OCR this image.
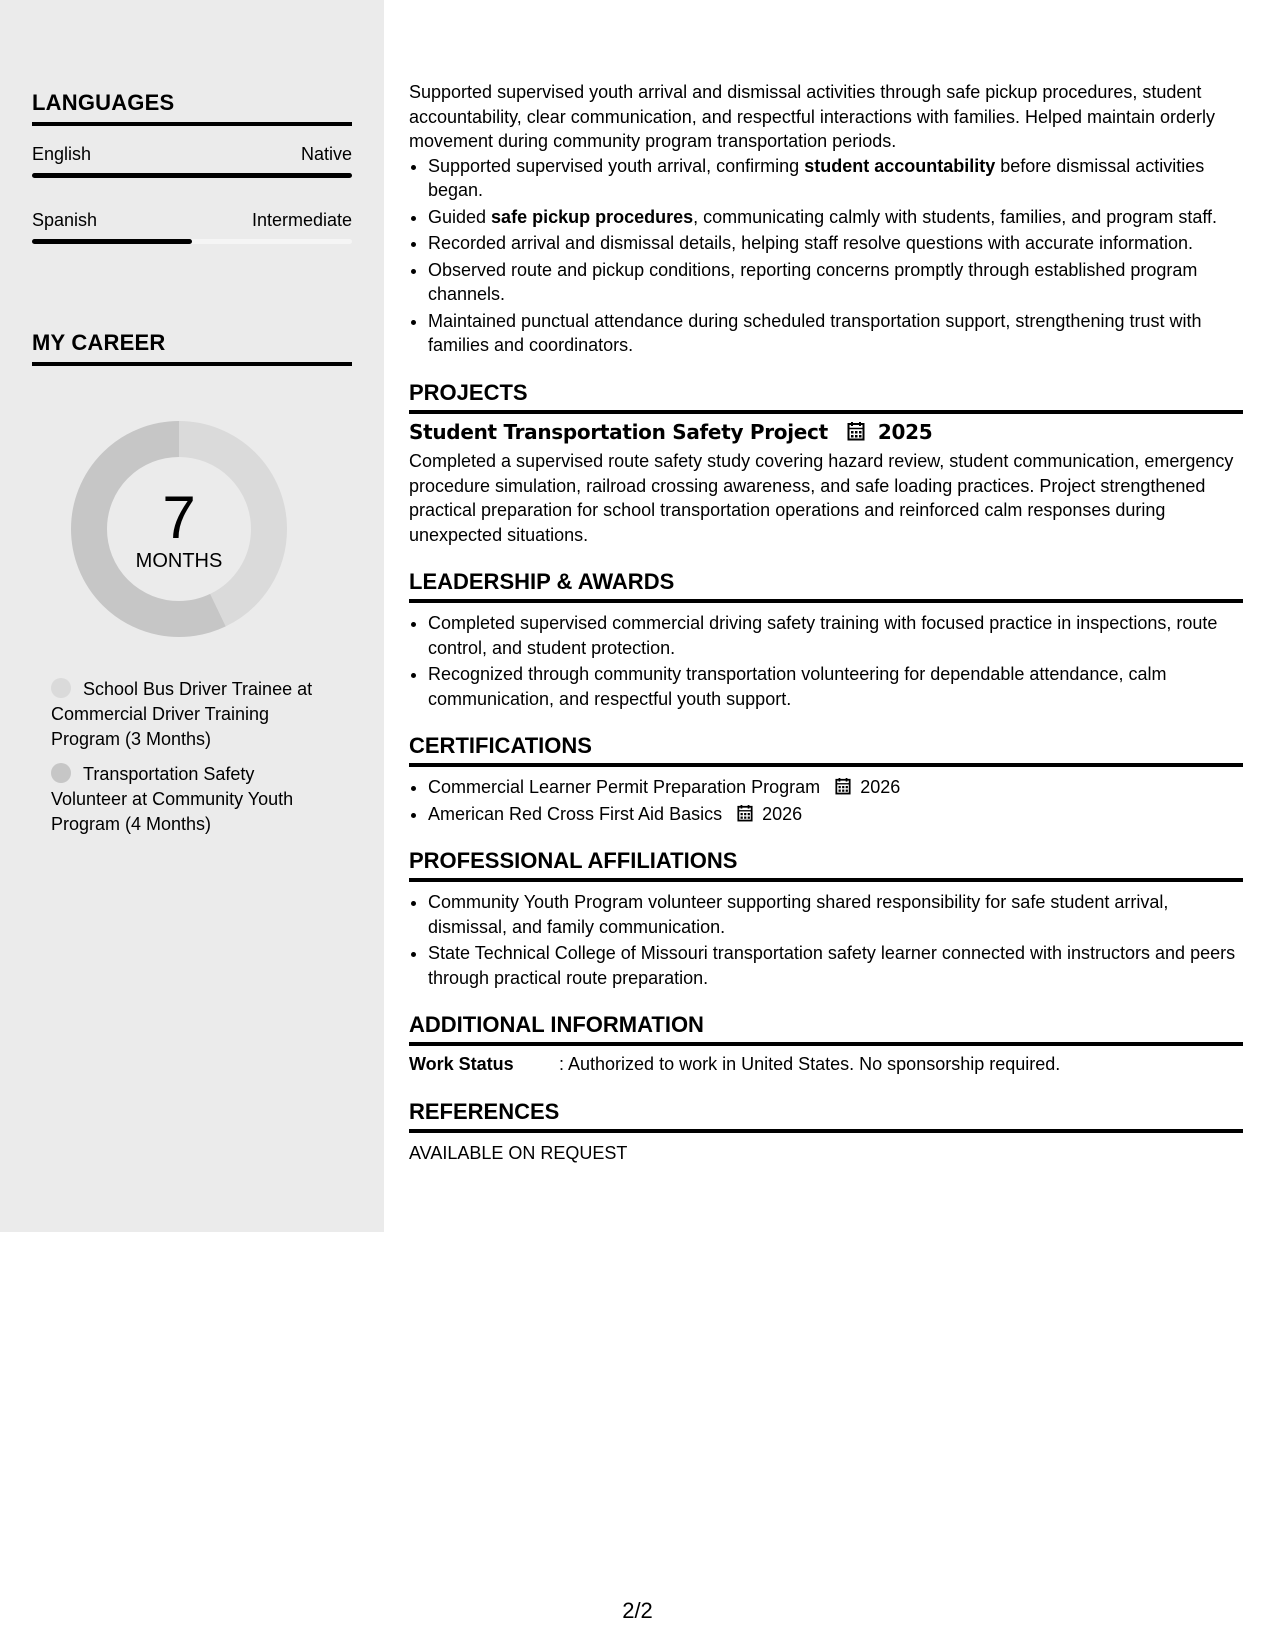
LANGUAGES
English	Native
Spanish	Intermediate
MY CAREER
7
MONTHS
School Bus Driver Trainee at Commercial Driver Training Program (3 Months)
Transportation Safety Volunteer at Community Youth Program (4 Months)

Supported supervised youth arrival and dismissal activities through safe pickup procedures, student accountability, clear communication, and respectful interactions with families. Helped maintain orderly movement during community program transportation periods.

• Supported supervised youth arrival, confirming student accountability before dismissal activities began.
• Guided safe pickup procedures, communicating calmly with students, families, and program staff.
• Recorded arrival and dismissal details, helping staff resolve questions with accurate information.
• Observed route and pickup conditions, reporting concerns promptly through established program channels.
• Maintained punctual attendance during scheduled transportation support, strengthening trust with families and coordinators.
PROJECTS
Student Transportation Safety Project	2025

Completed a supervised route safety study covering hazard review, student communication, emergency procedure simulation, railroad crossing awareness, and safe loading practices. Project strengthened practical preparation for school transportation operations and reinforced calm responses during unexpected situations.

LEADERSHIP & AWARDS
• Completed supervised commercial driving safety training with focused practice in inspections, route control, and student protection.
• Recognized through community transportation volunteering for dependable attendance, calm communication, and respectful youth support.
CERTIFICATIONS
• Commercial Learner Permit Preparation Program 2026
• American Red Cross First Aid Basics 2026
PROFESSIONAL AFFILIATIONS
• Community Youth Program volunteer supporting shared responsibility for safe student arrival, dismissal, and family communication.
• State Technical College of Missouri transportation safety learner connected with instructors and peers through practical route preparation.
ADDITIONAL INFORMATION

Work Status	: Authorized to work in United States. No sponsorship required.

REFERENCES

AVAILABLE ON REQUEST

2/2
